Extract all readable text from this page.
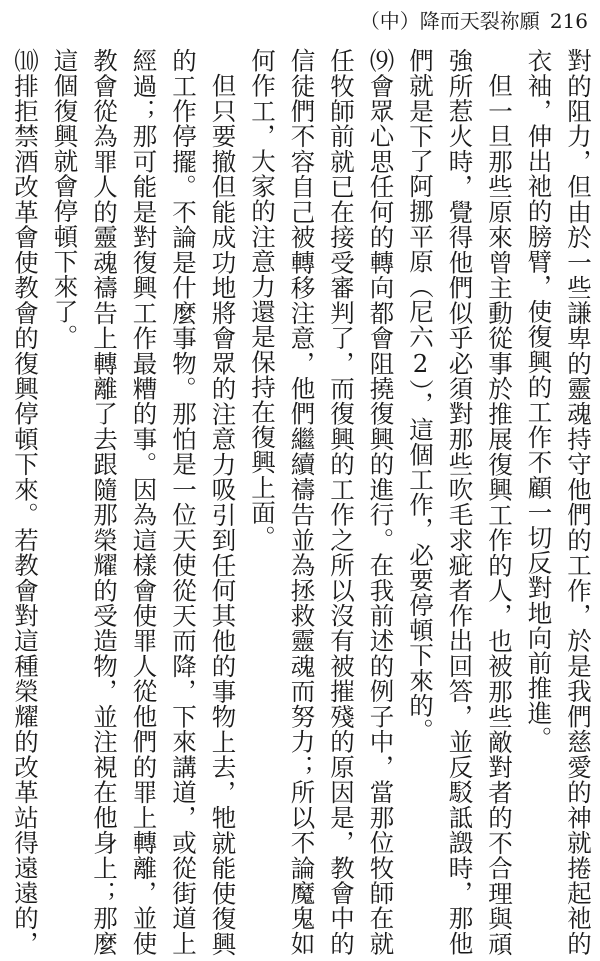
（中）降而天裂祢願 216

對的阻力，但由於一些謙卑的靈魂持守他們的工作，於是我們慈愛的神就捲起祂的衣袖，伸出祂的膀臂，使復興的工作不顧一切反對地向前推進。

但一旦那些原來曾主動從事於推展復興工作的人，也被那些敵對者的不合理與頑強所惹火時，覺得他們似乎必須對那些吹毛求疵者作出回答，並反駁詆譭時，那他們就是下了阿挪平原（尼六2），這個工作，必要停頓下來的。

⑼會眾心思任何的轉向都會阻撓復興的進行。在我前述的例子中，當那位牧師在就任牧師前就已在接受審判了，而復興的工作之所以沒有被摧殘的原因是，教會中的信徒們不容自己被轉移注意，他們繼續禱告並為拯救靈魂而努力；所以不論魔鬼如何作工，大家的注意力還是保持在復興上面。

但只要撤但能成功地將會眾的注意力吸引到任何其他的事物上去，牠就能使復興的工作停擺。不論是什麼事物。那怕是一位天使從天而降，下來講道，或從街道上經過；那可能是對復興工作最糟的事。因為這樣會使罪人從他們的罪上轉離，並使教會從為罪人的靈魂禱告上轉離了去跟隨那榮耀的受造物，並注視在他身上；那麼這個復興就會停頓下來了。

⑽排拒禁酒改革會使教會的復興停頓下來。若教會對這種榮耀的改革站得遠遠的，
